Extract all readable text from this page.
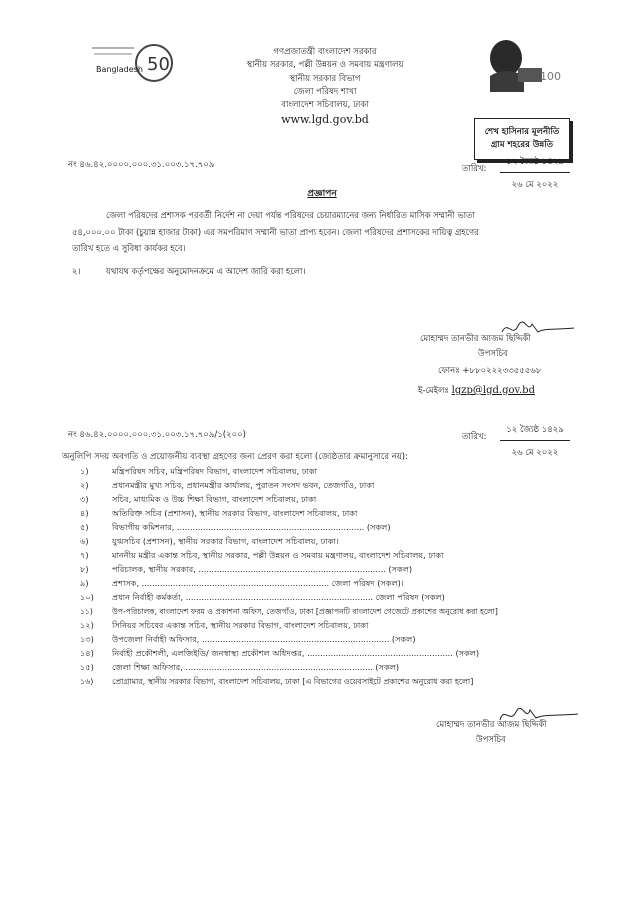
50
Bangladesh
গণপ্রজাতন্ত্রী বাংলাদেশ সরকার
স্থানীয় সরকার, পল্লী উন্নয়ন ও সমবায় মন্ত্রণালয়
স্থানীয় সরকার বিভাগ
জেলা পরিষদ শাখা
বাংলাদেশ সচিবালয়, ঢাকা
www.lgd.gov.bd
100
শেখ হাসিনার মূলনীতি
গ্রাম শহরের উন্নতি
নং ৪৬.৪২.০০০০.০০০.৩১.০০৩.১৭.৭০৯	তারিখ:
১২ জ্যৈষ্ঠ ১৪২৯
২৬ মে ২০২২
প্রজ্ঞাপন
জেলা পরিষদের প্রশাসক পরবর্তী নির্দেশ না দেয়া পর্যন্ত পরিষদের চেয়ারম্যানের জন্য নির্ধারিত মাসিক সম্মানী ভাতা
৫৪,০০০.০০ টাকা (চুয়ান্ন হাজার টাকা) এর সমপরিমাণ সম্মানী ভাতা প্রাপ্য হবেন। জেলা পরিষদের প্রশাসকের দায়িত্ব গ্রহণের
তারিখ হতে এ সুবিধা কার্যকর হবে।
২।	যথাযথ কর্তৃপক্ষের অনুমোদনক্রমে এ আদেশ জারি করা হলো।
মোহাম্মদ তানভীর আজম ছিদ্দিকী
উপসচিব
ফোনঃ +৮৮০২২২৩৩৫৫৫৬৮
ই-মেইলঃ lgzp@lgd.gov.bd
নং ৪৬.৪২.০০০০.০০০.৩১.০০৩.১৭.৭০৯/১(২০০)	তারিখ:
১২ জ্যৈষ্ঠ ১৪২৯
২৬ মে ২০২২
অনুলিপি সদয় অবগতি ও প্রয়োজনীয় ব্যবস্থা গ্রহণের জন্য প্রেরণ করা হলো (জ্যেষ্ঠতার ক্রমানুসারে নয়):
১)	মন্ত্রিপরিষদ সচিব, মন্ত্রিপরিষদ বিভাগ, বাংলাদেশ সচিবালয়, ঢাকা
২)	প্রধানমন্ত্রীর মুখ্য সচিব, প্রধানমন্ত্রীর কার্যালয়, পুরাতন সংসদ ভবন, তেজগাঁও, ঢাকা
৩)	সচিব, মাধ্যমিক ও উচ্চ শিক্ষা বিভাগ, বাংলাদেশ সচিবালয়, ঢাকা
৪)	অতিরিক্ত সচিব (প্রশাসন), স্থানীয় সরকার বিভাগ, বাংলাদেশ সচিবালয়, ঢাকা
৫)	বিভাগীয় কমিশনার, ........................................................................ (সকল)
৬)	যুগ্মসচিব (প্রশাসন), স্থানীয় সরকার বিভাগ, বাংলাদেশ সচিবালয়, ঢাকা।
৭)	মাননীয় মন্ত্রীর একান্ত সচিব, স্থানীয় সরকার, পল্লী উন্নয়ন ও সমবায় মন্ত্রণালয়, বাংলাদেশ সচিবালয়, ঢাকা
৮)	পরিচালক, স্থানীয় সরকার, ........................................................................ (সকল)
৯)	প্রশাসক, ........................................................................ জেলা পরিষদ (সকল)।
১০) প্রধান নির্বাহী কর্মকর্তা, ........................................................................ জেলা পরিষদ (সকল)
১১)	উপ-পরিচালক, বাংলাদেশ ফরম ও প্রকাশনা অফিস, তেজগাঁও, ঢাকা [প্রজ্ঞাপনটি বাংলাদেশ গেজেটে প্রকাশের অনুরোধ করা হলো]
১২) সিনিয়র সচিবের একান্ত সচিব, স্থানীয় সরকার বিভাগ, বাংলাদেশ সচিবালয়, ঢাকা
১৩) উপজেলা নির্বাহী অফিসার, ........................................................................ (সকল)
১৪) নির্বাহী প্রকৌশলী, এলজিইডি/ জনস্বাস্থ্য প্রকৌশল অধিদপ্তর, ........................................................ (সকল)
১৫) জেলা শিক্ষা অফিসার, ........................................................................ (সকল)
১৬) প্রোগ্রামার, স্থানীয় সরকার বিভাগ, বাংলাদেশ সচিবালয়, ঢাকা [এ বিভাগের ওয়েবসাইটে প্রকাশের অনুরোধ করা হলো]
মোহাম্মদ তানভীর আজম ছিদ্দিকী
উপসচিব
